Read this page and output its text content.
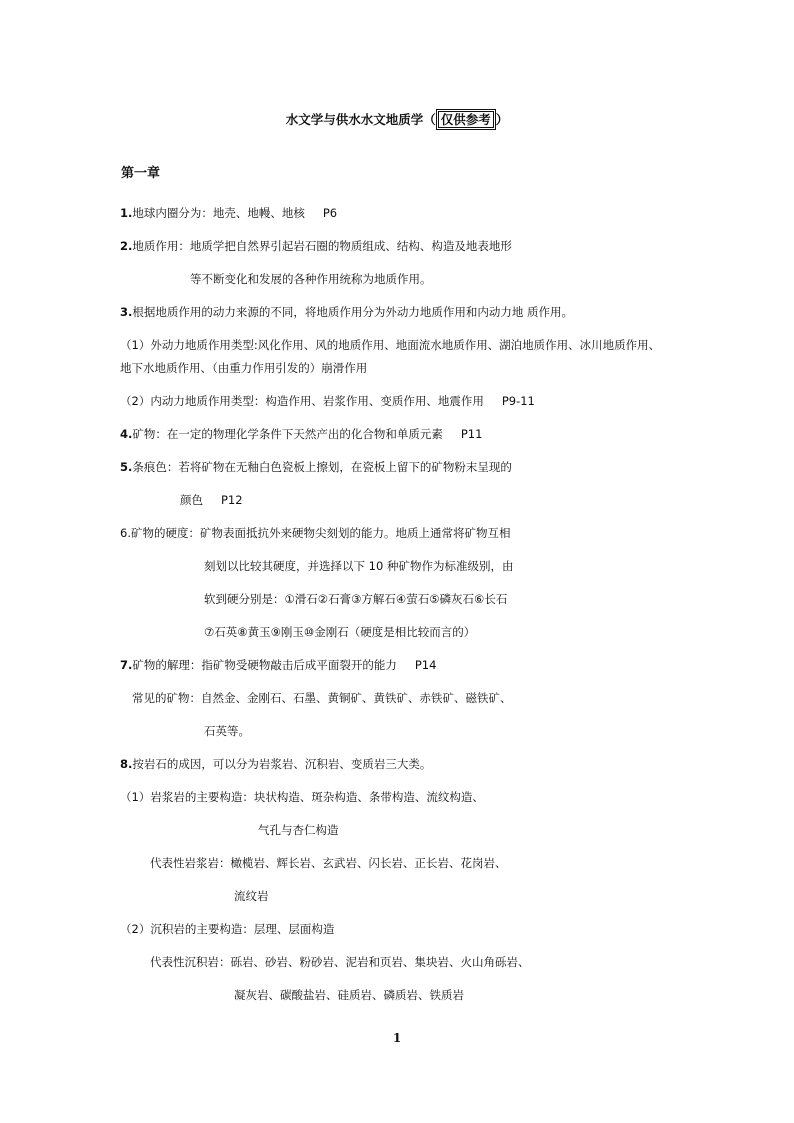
水文学与供水水文地质学（ 仅供参考 ）
第一章
1.地球内圈分为：地壳、地幔、地核 P6
2.地质作用：地质学把自然界引起岩石圈的物质组成、结构、构造及地表地形
等不断变化和发展的各种作用统称为地质作用。
3.根据地质作用的动力来源的不同，将地质作用分为外动力地质作用和内动力地 质作用。
（1）外动力地质作用类型:风化作用、风的地质作用、地面流水地质作用、湖泊地质作用、冰川地质作用、
地下水地质作用、（由重力作用引发的）崩滑作用
（2）内动力地质作用类型：构造作用、岩浆作用、变质作用、地震作用 P9-11
4.矿物：在一定的物理化学条件下天然产出的化合物和单质元素 P11
5.条痕色：若将矿物在无釉白色瓷板上擦划，在瓷板上留下的矿物粉末呈现的
颜色 P12
6.矿物的硬度：矿物表面抵抗外来硬物尖刻划的能力。地质上通常将矿物互相
刻划以比较其硬度，并选择以下 10 种矿物作为标准级别，由
软到硬分别是：①滑石②石膏③方解石④萤石⑤磷灰石⑥长石
⑦石英⑧黄玉⑨刚玉⑩金刚石（硬度是相比较而言的）
7.矿物的解理：指矿物受硬物敲击后成平面裂开的能力 P14
常见的矿物：自然金、金刚石、石墨、黄铜矿、黄铁矿、赤铁矿、磁铁矿、
石英等。
8.按岩石的成因，可以分为岩浆岩、沉积岩、变质岩三大类。
（1）岩浆岩的主要构造：块状构造、斑杂构造、条带构造、流纹构造、
气孔与杏仁构造
代表性岩浆岩：橄榄岩、辉长岩、玄武岩、闪长岩、正长岩、花岗岩、
流纹岩
（2）沉积岩的主要构造：层理、层面构造
代表性沉积岩：砾岩、砂岩、粉砂岩、泥岩和页岩、集块岩、火山角砾岩、
凝灰岩、碳酸盐岩、硅质岩、磷质岩、铁质岩
1
